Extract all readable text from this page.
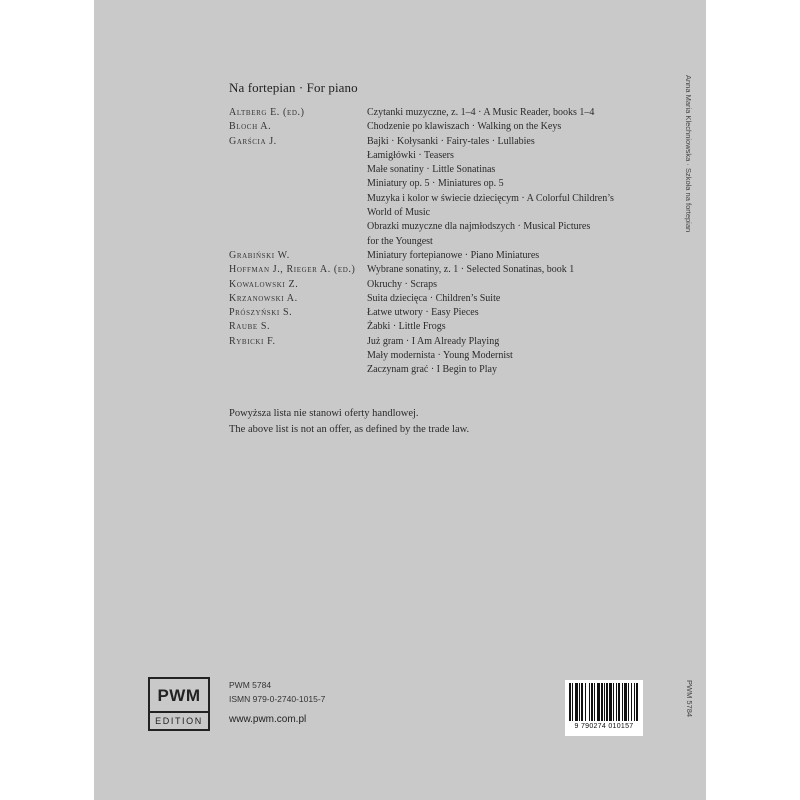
Na fortepian · For piano
Altberg E. (ed.)	Czytanki muzyczne, z. 1–4 · A Music Reader, books 1–4
Bloch A.	Chodzenie po klawiszach · Walking on the Keys
Garścia J.	Bajki · Kołysanki · Fairy-tales · Lullabies
Łamigłówki · Teasers
Małe sonatiny · Little Sonatinas
Miniatury op. 5 · Miniatures op. 5
Muzyka i kolor w świecie dziecięcym · A Colorful Children’s
World of Music
Obrazki muzyczne dla najmłodszych · Musical Pictures
for the Youngest
Grabiński W.	Miniatury fortepianowe · Piano Miniatures
Hoffman J., Rieger A. (ed.)	Wybrane sonatiny, z. 1 · Selected Sonatinas, book 1
Kowalowski Z.	Okruchy · Scraps
Krzanowski A.	Suita dziecięca · Children’s Suite
Prószyński S.	Łatwe utwory · Easy Pieces
Raube S.	Żabki · Little Frogs
Rybicki F.	Już gram · I Am Already Playing
Mały modernista · Young Modernist
Zaczynam grać · I Begin to Play
Powyższa lista nie stanowi oferty handlowej.
The above list is not an offer, as defined by the trade law.
PWM
EDITION
PWM 5784
ISMN 979-0-2740-1015-7
www.pwm.com.pl
9 790274 010157
Anna Maria Klechniowska · Szkoła na fortepian
PWM 5784
